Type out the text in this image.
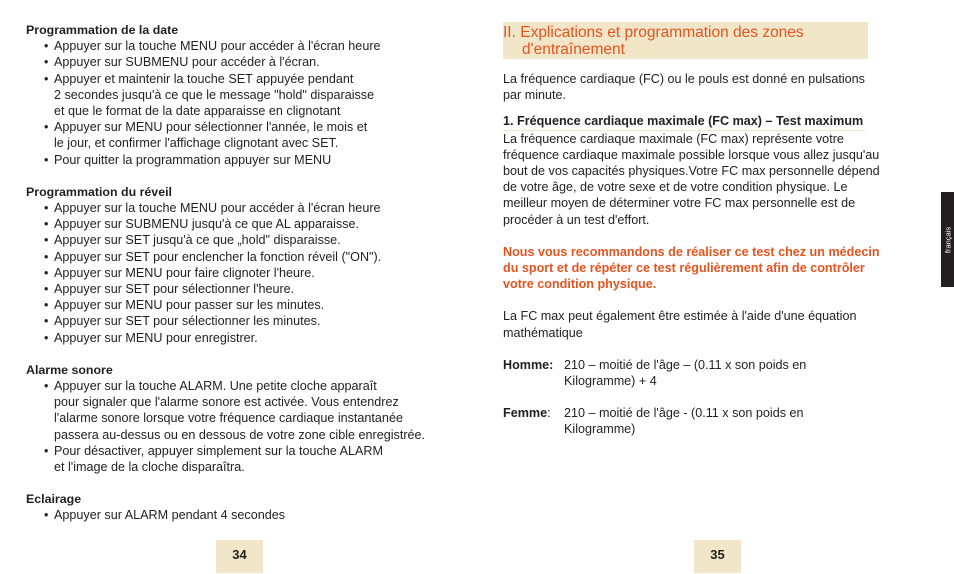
Programmation de la date
• Appuyer sur la touche MENU pour accéder à l'écran heure
• Appuyer sur SUBMENU pour accéder à l'écran.
• Appuyer et maintenir la touche SET appuyée pendant
2 secondes jusqu'à ce que le message "hold" disparaisse
et que le format de la date apparaisse en clignotant
• Appuyer sur MENU pour sélectionner l'année, le mois et
le jour, et confirmer l'affichage clignotant avec SET.
• Pour quitter la programmation appuyer sur MENU
Programmation du réveil
• Appuyer sur la touche MENU pour accéder à l'écran heure
• Appuyer sur SUBMENU jusqu'à ce que AL apparaisse.
• Appuyer sur SET jusqu'à ce que „hold" disparaisse.
• Appuyer sur SET pour enclencher la fonction réveil ("ON").
• Appuyer sur MENU pour faire clignoter l'heure.
• Appuyer sur SET pour sélectionner l'heure.
• Appuyer sur MENU pour passer sur les minutes.
• Appuyer sur SET pour sélectionner les minutes.
• Appuyer sur MENU pour enregistrer.
Alarme sonore
• Appuyer sur la touche ALARM. Une petite cloche apparaît
pour signaler que l'alarme sonore est activée. Vous entendrez
l'alarme sonore lorsque votre fréquence cardiaque instantanée
passera au-dessus ou en dessous de votre zone cible enregistrée.
• Pour désactiver, appuyer simplement sur la touche ALARM
et l'image de la cloche disparaîtra.
Eclairage
• Appuyer sur ALARM pendant 4 secondes
II. Explications et programmation des zones
d'entraînement

La fréquence cardiaque (FC) ou le pouls est donné en pulsations
par minute.

1. Fréquence cardiaque maximale (FC max) – Test maximum

La fréquence cardiaque maximale (FC max) représente votre
fréquence cardiaque maximale possible lorsque vous allez jusqu'au
bout de vos capacités physiques.Votre FC max personnelle dépend
de votre âge, de votre sexe et de votre condition physique. Le
meilleur moyen de déterminer votre FC max personnelle est de
procéder à un test d'effort.

Nous vous recommandons de réaliser ce test chez un médecin
du sport et de répéter ce test régulièrement afin de contrôler
votre condition physique.

La FC max peut également être estimée à l'aide d'une équation
mathématique

Homme: 210 – moitié de l'âge – (0.11 x son poids en
Kilogramme) + 4
Femme:	210 – moitié de l'âge - (0.11 x son poids en
Kilogramme)
34	35
français
